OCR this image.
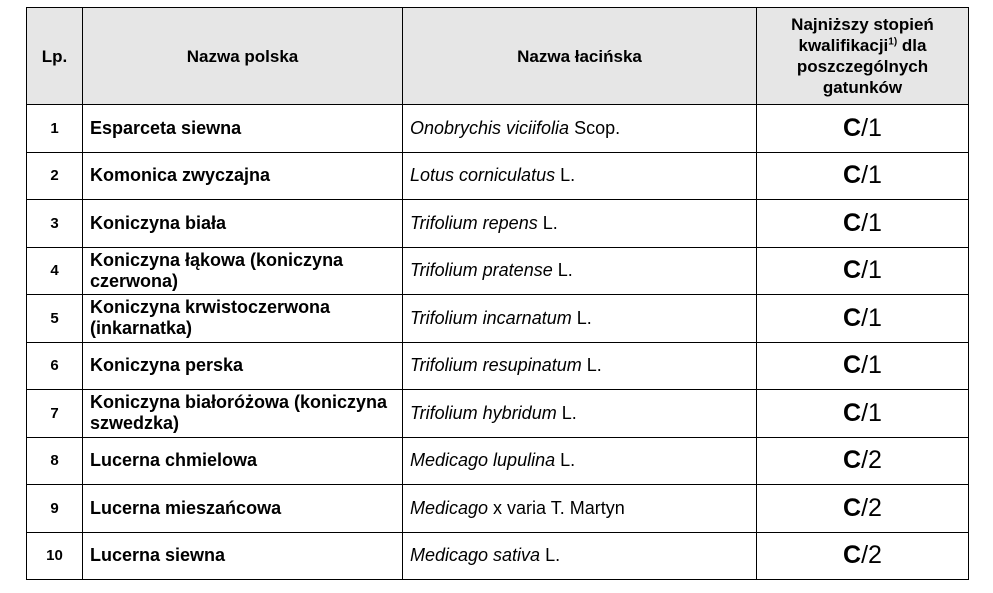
Lp.	Nazwa polska	Nazwa łacińska	Najniższy stopień kwalifikacji$^{1)}$ dla poszczególnych gatunków
1	Esparceta siewna	Onobrychis viciifolia Scop.	C/1
2	Komonica zwyczajna	Lotus corniculatus L.	C/1
3	Koniczyna biała	Trifolium repens L.	C/1
4	Koniczyna łąkowa (koniczyna czerwona)	Trifolium pratense L.	C/1
5	Koniczyna krwistoczerwona (inkarnatka)	Trifolium incarnatum L.	C/1
6	Koniczyna perska	Trifolium resupinatum L.	C/1
7	Koniczyna białoróżowa (koniczyna szwedzka)	Trifolium hybridum L.	C/1
8	Lucerna chmielowa	Medicago lupulina L.	C/2
9	Lucerna mieszańcowa	Medicago x varia T. Martyn	C/2
10	Lucerna siewna	Medicago sativa L.	C/2
